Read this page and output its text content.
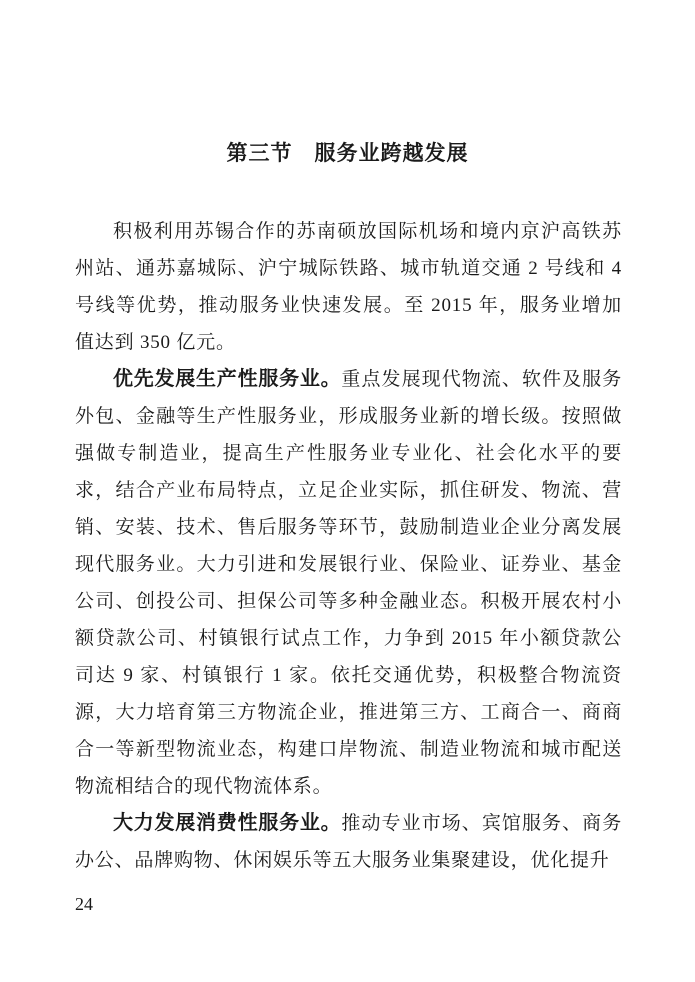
第三节　服务业跨越发展

积极利用苏锡合作的苏南硕放国际机场和境内京沪高铁苏州站、通苏嘉城际、沪宁城际铁路、城市轨道交通 2 号线和 4 号线等优势，推动服务业快速发展。至 2015 年，服务业增加值达到 350 亿元。

优先发展生产性服务业。重点发展现代物流、软件及服务外包、金融等生产性服务业，形成服务业新的增长级。按照做强做专制造业，提高生产性服务业专业化、社会化水平的要求，结合产业布局特点，立足企业实际，抓住研发、物流、营销、安装、技术、售后服务等环节，鼓励制造业企业分离发展现代服务业。大力引进和发展银行业、保险业、证券业、基金公司、创投公司、担保公司等多种金融业态。积极开展农村小额贷款公司、村镇银行试点工作，力争到 2015 年小额贷款公司达 9 家、村镇银行 1 家。依托交通优势，积极整合物流资源，大力培育第三方物流企业，推进第三方、工商合一、商商合一等新型物流业态，构建口岸物流、制造业物流和城市配送物流相结合的现代物流体系。

大力发展消费性服务业。推动专业市场、宾馆服务、商务办公、品牌购物、休闲娱乐等五大服务业集聚建设，优化提升

24
